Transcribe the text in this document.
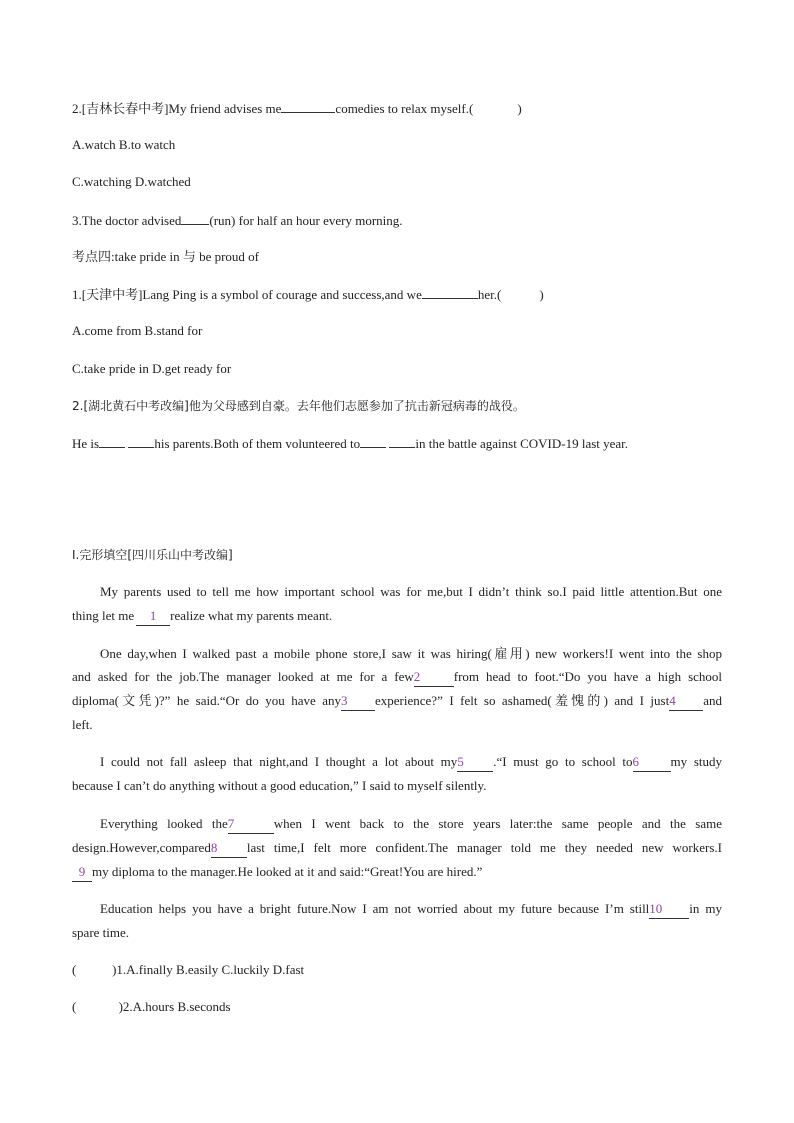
2.[吉林长春中考]My friend advises me	comedies to relax myself.(	)
A.watch B.to watch
C.watching D.watched
3.The doctor advised (run) for half an hour every morning.
考点四:take pride in 与 be proud of
1.[天津中考]Lang Ping is a symbol of courage and success,and we	her.(	)
A.come from B.stand for
C.take pride in D.get ready for
2.[湖北黄石中考改编]他为父母感到自豪。去年他们志愿参加了抗击新冠病毒的战役。
He is	his parents.Both of them volunteered to	in the battle against COVID-19 last year.
Ⅰ.完形填空[四川乐山中考改编]
My parents used to tell me how important school was for me,but I didn’t think so.I paid little attention.But one
thing let me 1 realize what my parents meant.
One day,when I walked past a mobile phone store,I saw it was hiring(雇用) new workers!I went into the shop
and asked for the job.The manager looked at me for a few2	from head to foot.“Do you have a high school
diploma(文凭)?” he said.“Or do you have any3 experience?” I felt so ashamed(羞愧的) and I just4 and
left.
I could not fall asleep that night,and I thought a lot about my5 .“I must go to school to6 my study
because I can’t do anything without a good education,” I said to myself silently.
Everything looked the7	when I went back to the store years later:the same people and the same
design.However,compared8 last time,I felt more confident.The manager told me they needed new workers.I
9 my diploma to the manager.He looked at it and said:“Great!You are hired.”
Education helps you have a bright future.Now I am not worried about my future because I’m still10 in my
spare time.
(           )1.A.finally B.easily C.luckily D.fast
(             )2.A.hours B.seconds
